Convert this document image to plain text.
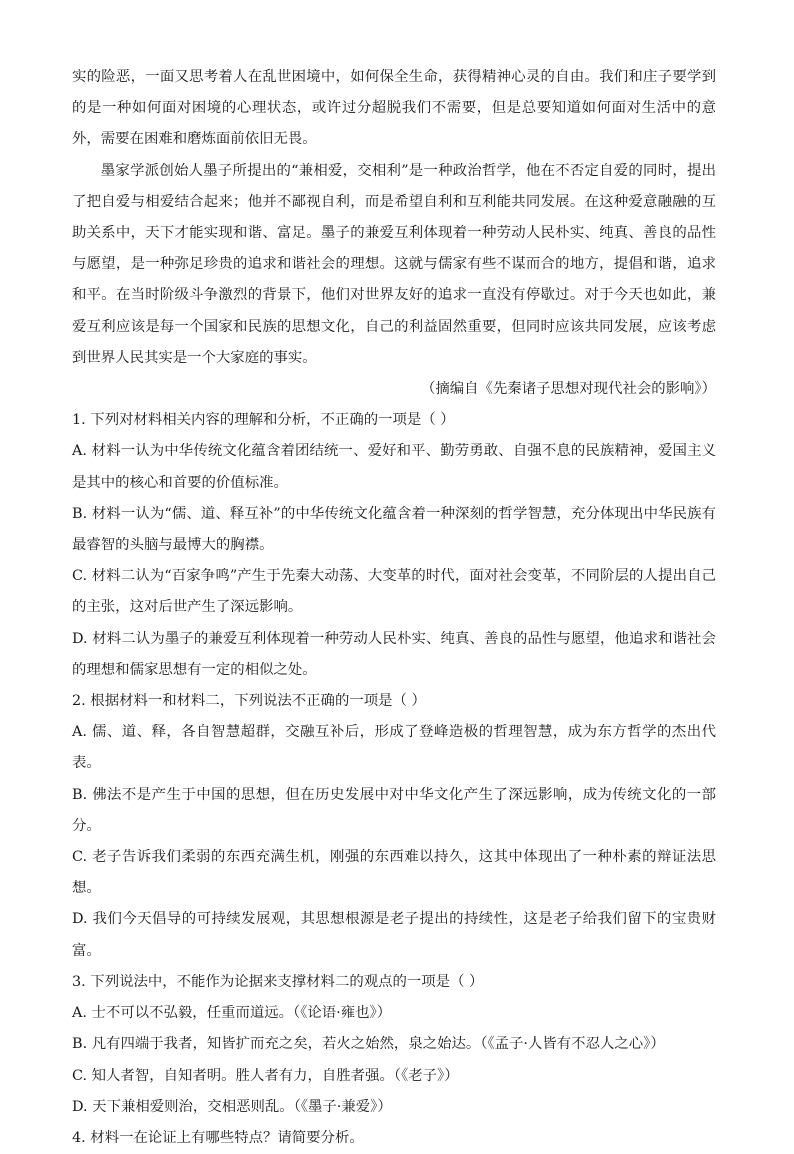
实的险恶，一面又思考着人在乱世困境中，如何保全生命，获得精神心灵的自由。我们和庄子要学到的是一种如何面对困境的心理状态，或许过分超脱我们不需要，但是总要知道如何面对生活中的意外，需要在困难和磨炼面前依旧无畏。

墨家学派创始人墨子所提出的“兼相爱，交相利”是一种政治哲学，他在不否定自爱的同时，提出了把自爱与相爱结合起来；他并不鄙视自利，而是希望自利和互利能共同发展。在这种爱意融融的互助关系中，天下才能实现和谐、富足。墨子的兼爱互利体现着一种劳动人民朴实、纯真、善良的品性与愿望，是一种弥足珍贵的追求和谐社会的理想。这就与儒家有些不谋而合的地方，提倡和谐，追求和平。在当时阶级斗争激烈的背景下，他们对世界友好的追求一直没有停歇过。对于今天也如此，兼爱互利应该是每一个国家和民族的思想文化，自己的利益固然重要，但同时应该共同发展，应该考虑到世界人民其实是一个大家庭的事实。

（摘编自《先秦诸子思想对现代社会的影响》）

1. 下列对材料相关内容的理解和分析，不正确的一项是（ ）

A. 材料一认为中华传统文化蕴含着团结统一、爱好和平、勤劳勇敢、自强不息的民族精神，爱国主义是其中的核心和首要的价值标准。

B. 材料一认为“儒、道、释互补”的中华传统文化蕴含着一种深刻的哲学智慧，充分体现出中华民族有最睿智的头脑与最博大的胸襟。

C. 材料二认为“百家争鸣”产生于先秦大动荡、大变革的时代，面对社会变革，不同阶层的人提出自己的主张，这对后世产生了深远影响。

D. 材料二认为墨子的兼爱互利体现着一种劳动人民朴实、纯真、善良的品性与愿望，他追求和谐社会的理想和儒家思想有一定的相似之处。

2. 根据材料一和材料二，下列说法不正确的一项是（ ）

A. 儒、道、释，各自智慧超群，交融互补后，形成了登峰造极的哲理智慧，成为东方哲学的杰出代表。

B. 佛法不是产生于中国的思想，但在历史发展中对中华文化产生了深远影响，成为传统文化的一部分。

C. 老子告诉我们柔弱的东西充满生机，刚强的东西难以持久，这其中体现出了一种朴素的辩证法思想。

D. 我们今天倡导的可持续发展观，其思想根源是老子提出的持续性，这是老子给我们留下的宝贵财富。

3. 下列说法中，不能作为论据来支撑材料二的观点的一项是（ ）

A. 士不可以不弘毅，任重而道远。（《论语·雍也》）

B. 凡有四端于我者，知皆扩而充之矣，若火之始然，泉之始达。（《孟子·人皆有不忍人之心》）

C. 知人者智，自知者明。胜人者有力，自胜者强。（《老子》）

D. 天下兼相爱则治，交相恶则乱。（《墨子·兼爱》）

4. 材料一在论证上有哪些特点？请简要分析。
